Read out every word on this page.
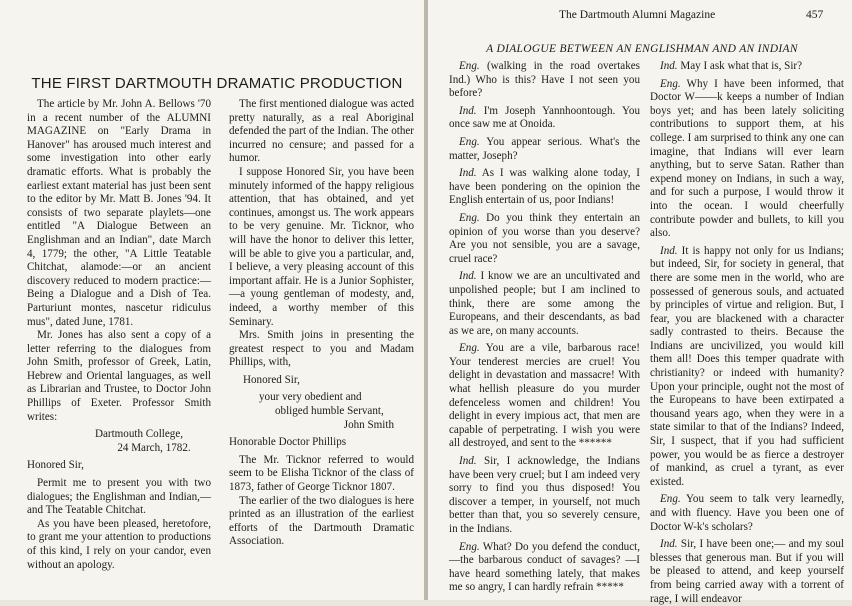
THE FIRST DARTMOUTH DRAMATIC PRODUCTION

The article by Mr. John A. Bellows '70 in a recent number of the ALUMNI MAGAZINE on "Early Drama in Hanover" has aroused much interest and some investigation into other early dramatic efforts. What is probably the earliest extant material has just been sent to the editor by Mr. Matt B. Jones '94. It consists of two separate playlets—one entitled "A Dialogue Between an Englishman and an Indian", date March 4, 1779; the other, "A Little Teatable Chitchat, alamode:—or an ancient discovery reduced to modern practice:—Being a Dialogue and a Dish of Tea. Parturiunt montes, nascetur ridiculus mus", dated June, 1781.

Mr. Jones has also sent a copy of a letter referring to the dialogues from John Smith, professor of Greek, Latin, Hebrew and Oriental languages, as well as Librarian and Trustee, to Doctor John Phillips of Exeter. Professor Smith writes:

Dartmouth College,

24 March, 1782.

Honored Sir,

Permit me to present you with two dialogues; the Englishman and Indian,—and The Teatable Chitchat.

As you have been pleased, heretofore, to grant me your attention to productions of this kind, I rely on your candor, even without an apology.

The first mentioned dialogue was acted pretty naturally, as a real Aboriginal defended the part of the Indian. The other incurred no censure; and passed for a humor.

I suppose Honored Sir, you have been minutely informed of the happy religious attention, that has obtained, and yet continues, amongst us. The work appears to be very genuine. Mr. Ticknor, who will have the honor to deliver this letter, will be able to give you a particular, and, I believe, a very pleasing account of this important affair. He is a Junior Sophister,—a young gentleman of modesty, and, indeed, a worthy member of this Seminary.

Mrs. Smith joins in presenting the greatest respect to you and Madam Phillips, with,

Honored Sir,

your very obedient and

obliged humble Servant,

John Smith

Honorable Doctor Phillips

The Mr. Ticknor referred to would seem to be Elisha Ticknor of the class of 1873, father of George Ticknor 1807.

The earlier of the two dialogues is here printed as an illustration of the earliest efforts of the Dartmouth Dramatic Association.

The Dartmouth Alumni Magazine	457
A DIALOGUE BETWEEN AN ENGLISHMAN AND AN INDIAN

Eng. (walking in the road overtakes Ind.) Who is this? Have I not seen you before?

Ind. I'm Joseph Yannhoontough. You once saw me at Onoida.

Eng. You appear serious. What's the matter, Joseph?

Ind. As I was walking alone today, I have been pondering on the opinion the English entertain of us, poor Indians!

Eng. Do you think they entertain an opinion of you worse than you deserve? Are you not sensible, you are a savage, cruel race?

Ind. I know we are an uncultivated and unpolished people; but I am inclined to think, there are some among the Europeans, and their descendants, as bad as we are, on many accounts.

Eng. You are a vile, barbarous race! Your tenderest mercies are cruel! You delight in devastation and massacre! With what hellish pleasure do you murder defenceless women and children! You delight in every impious act, that men are capable of perpetrating. I wish you were all destroyed, and sent to the ******

Ind. Sir, I acknowledge, the Indians have been very cruel; but I am indeed very sorry to find you thus disposed! You discover a temper, in yourself, not much better than that, you so severely censure, in the Indians.

Eng. What? Do you defend the conduct,—the barbarous conduct of savages? —I have heard something lately, that makes me so angry, I can hardly refrain *****

Ind. May I ask what that is, Sir?

Eng. Why I have been informed, that Doctor W——k keeps a number of Indian boys yet; and has been lately soliciting contributions to support them, at his college. I am surprised to think any one can imagine, that Indians will ever learn anything, but to serve Satan. Rather than expend money on Indians, in such a way, and for such a purpose, I would throw it into the ocean. I would cheerfully contribute powder and bullets, to kill you also.

Ind. It is happy not only for us Indians; but indeed, Sir, for society in general, that there are some men in the world, who are possessed of generous souls, and actuated by principles of virtue and religion. But, I fear, you are blackened with a character sadly contrasted to theirs. Because the Indians are uncivilized, you would kill them all! Does this temper quadrate with christianity? or indeed with humanity? Upon your principle, ought not the most of the Europeans to have been extirpated a thousand years ago, when they were in a state similar to that of the Indians? Indeed, Sir, I suspect, that if you had sufficient power, you would be as fierce a destroyer of mankind, as cruel a tyrant, as ever existed.

Eng. You seem to talk very learnedly, and with fluency. Have you been one of Doctor W-k's scholars?

Ind. Sir, I have been one;— and my soul blesses that generous man. But if you will be pleased to attend, and keep yourself from being carried away with a torrent of rage, I will endeavor
